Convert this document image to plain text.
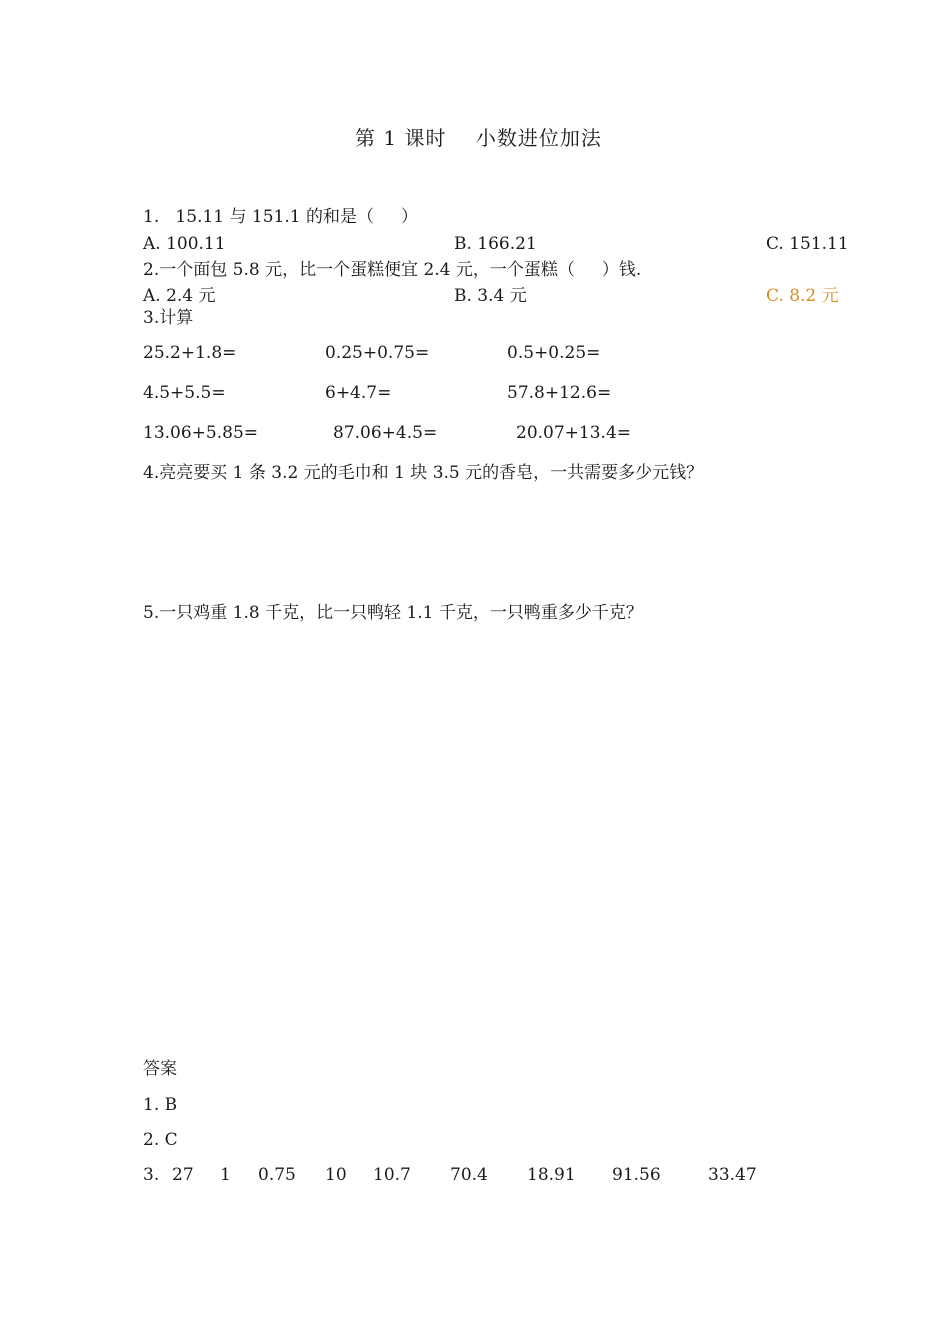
第 1 课时    小数进位加法
1.   15.11 与 151.1 的和是（     ）
A. 100.11	B. 166.21	C. 151.11
2.一个面包 5.8 元，比一个蛋糕便宜 2.4 元，一个蛋糕（     ）钱.
A. 2.4 元	B. 3.4 元	C. 8.2 元
3.计算
25.2+1.8=	0.25+0.75=	0.5+0.25=
4.5+5.5=	6+4.7=	57.8+12.6=
13.06+5.85=	87.06+4.5=	20.07+13.4=
4.亮亮要买 1 条 3.2 元的毛巾和 1 块 3.5 元的香皂，一共需要多少元钱？
5.一只鸡重 1.8 千克，比一只鸭轻 1.1 千克，一只鸭重多少千克？
答案
1. B
2. C
3. 27 1 0.75 10 10.7 70.4 18.91 91.56	33.47
